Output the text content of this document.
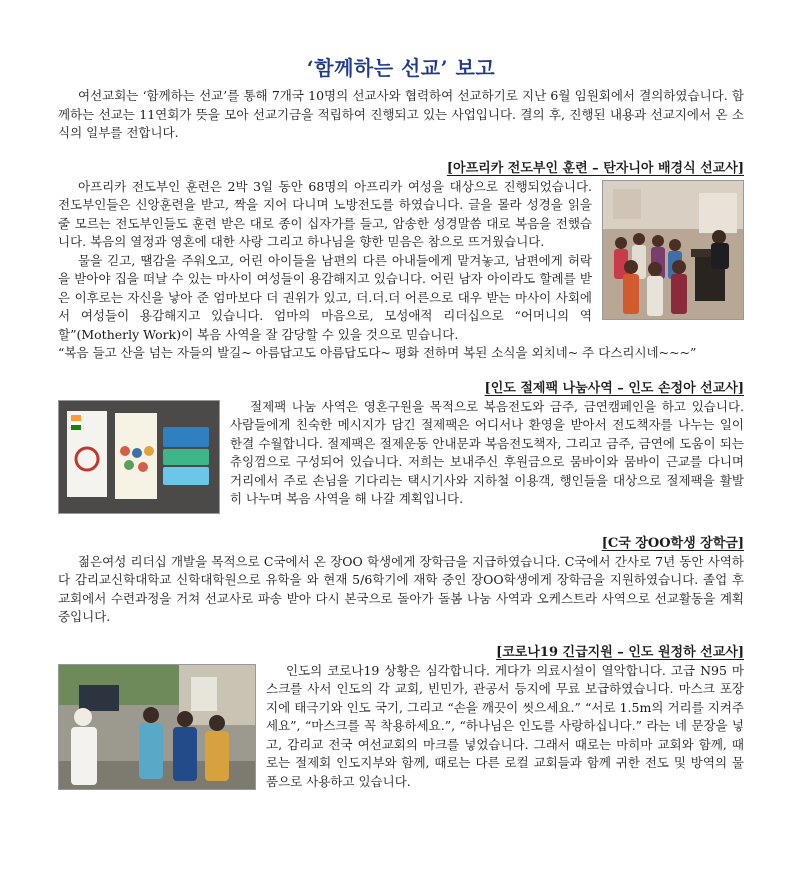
‘함께하는 선교’ 보고

여선교회는 ‘함께하는 선교’를 통해 7개국 10명의 선교사와 협력하여 선교하기로 지난 6월 임원회에서 결의하였습니다. 함께하는 선교는 11연회가 뜻을 모아 선교기금을 적립하여 진행되고 있는 사업입니다. 결의 후, 진행된 내용과 선교지에서 온 소식의 일부를 전합니다.

[아프리카 전도부인 훈련 – 탄자니아 배경식 선교사]

아프리카 전도부인 훈련은 2박 3일 동안 68명의 아프리카 여성을 대상으로 진행되었습니다. 전도부인들은 신앙훈련을 받고, 짝을 지어 다니며 노방전도를 하였습니다. 글을 몰라 성경을 읽을 줄 모르는 전도부인들도 훈련 받은 대로 종이 십자가를 들고, 암송한 성경말씀 대로 복음을 전했습니다. 복음의 열정과 영혼에 대한 사랑 그리고 하나님을 향한 믿음은 참으로 뜨거웠습니다.

물을 긷고, 땔감을 주워오고, 어린 아이들을 남편의 다른 아내들에게 맡겨놓고, 남편에게 허락을 받아야 집을 떠날 수 있는 마사이 여성들이 용감해지고 있습니다. 어린 남자 아이라도 할례를 받은 이후로는 자신을 낳아 준 엄마보다 더 권위가 있고, 더.더.더 어른으로 대우 받는 마사이 사회에서 여성들이 용감해지고 있습니다. 엄마의 마음으로, 모성애적 리더십으로 “어머니의 역할”(Motherly Work)이 복음 사역을 잘 감당할 수 있을 것으로 믿습니다.

“복음 들고 산을 넘는 자들의 발길~ 아름답고도 아름답도다~ 평화 전하며 복된 소식을 외치네~ 주 다스리시네~~~”

[인도 절제팩 나눔사역 – 인도 손정아 선교사]

절제팩 나눔 사역은 영혼구원을 목적으로 복음전도와 금주, 금연캠페인을 하고 있습니다. 사람들에게 친숙한 메시지가 담긴 절제팩은 어디서나 환영을 받아서 전도책자를 나누는 일이 한결 수월합니다. 절제팩은 절제운동 안내문과 복음전도책자, 그리고 금주, 금연에 도움이 되는 츄잉껌으로 구성되어 있습니다. 저희는 보내주신 후원금으로 뭄바이와 뭄바이 근교를 다니며 거리에서 주로 손님을 기다리는 택시기사와 지하철 이용객, 행인들을 대상으로 절제팩을 활발히 나누며 복음 사역을 해 나갈 계획입니다.

[C국 장OO학생 장학금]

젊은여성 리더십 개발을 목적으로 C국에서 온 장OO 학생에게 장학금을 지급하였습니다. C국에서 간사로 7년 동안 사역하다 감리교신학대학교 신학대학원으로 유학을 와 현재 5/6학기에 재학 중인 장OO학생에게 장학금을 지원하였습니다. 졸업 후 교회에서 수련과정을 거쳐 선교사로 파송 받아 다시 본국으로 돌아가 돌봄 나눔 사역과 오케스트라 사역으로 선교활동을 계획 중입니다.

[코로나19 긴급지원 – 인도 원정하 선교사]

인도의 코로나19 상황은 심각합니다. 게다가 의료시설이 열악합니다. 고급 N95 마스크를 사서 인도의 각 교회, 빈민가, 관공서 등지에 무료 보급하였습니다. 마스크 포장지에 태극기와 인도 국기, 그리고 “손을 깨끗이 씻으세요.” “서로 1.5m의 거리를 지켜주세요”, “마스크를 꼭 착용하세요.”, “하나님은 인도를 사랑하십니다.” 라는 네 문장을 넣고, 감리교 전국 여선교회의 마크를 넣었습니다. 그래서 때로는 마히마 교회와 함께, 때로는 절제회 인도지부와 함께, 때로는 다른 로컬 교회들과 함께 귀한 전도 및 방역의 물품으로 사용하고 있습니다.
